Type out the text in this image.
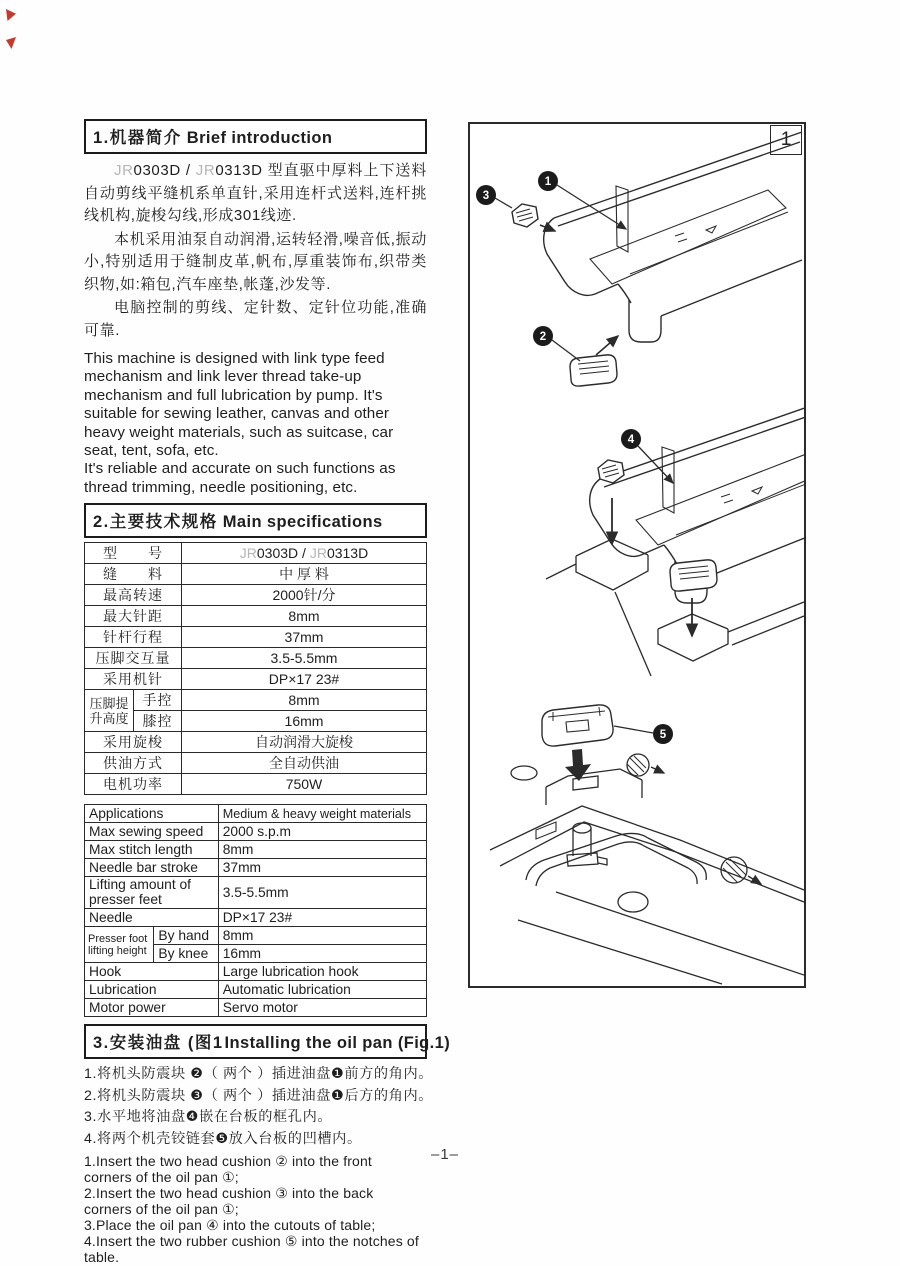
1.机器简介 Brief introduction

JR0303D / JR0313D 型直驱中厚料上下送料自动剪线平缝机系单直针,采用连杆式送料,连杆挑线机构,旋梭勾线,形成301线迹.

本机采用油泵自动润滑,运转轻滑,噪音低,振动小,特别适用于缝制皮革,帆布,厚重装饰布,织带类织物,如:箱包,汽车座垫,帐蓬,沙发等.

电脑控制的剪线、定针数、定针位功能,准确可靠.

This machine is designed with link type feed mechanism and link lever thread take-up mechanism and full lubrication by pump. It's suitable for sewing leather, canvas and other heavy weight materials, such as suitcase, car seat, tent, sofa, etc.

It's reliable and accurate on such functions as thread trimming, needle positioning, etc.

2.主要技术规格 Main specifications
型　　号		JR0303D / JR0313D
缝　　料		中 厚 料
最高转速		2000针/分
最大针距		8mm
针杆行程		37mm
压脚交互量		3.5-5.5mm
采用机针		DP×17 23#
压脚提升高度	手控	8mm
	膝控	16mm
采用旋梭		自动润滑大旋梭
供油方式		全自动供油
电机功率		750W
Applications		Medium & heavy weight materials
Max sewing speed		2000 s.p.m
Max stitch length		8mm
Needle bar stroke		37mm
Lifting amount of presser feet		3.5-5.5mm
Needle		DP×17 23#
Presser foot lifting height	By hand	8mm
	By knee	16mm
Hook		Large lubrication hook
Lubrication		Automatic lubrication
Motor power		Servo motor
3.安装油盘 (图1Installing the oil pan (Fig.1)
1.将机头防震块 ❷（ 两个 ）插进油盘❶前方的角内。
2.将机头防震块 ❸（ 两个 ）插进油盘❶后方的角内。
3.水平地将油盘❹嵌在台板的框孔内。
4.将两个机壳铰链套❺放入台板的凹槽内。
1.Insert the two head cushion ② into the front corners of the oil pan ①;
2.Insert the two head cushion ③ into the back corners of the oil pan ①;
3.Place the oil pan ④ into the cutouts of table;
4.Insert the two rubber cushion ⑤ into the notches of table.
1
3
2
4
5
1
–1–
